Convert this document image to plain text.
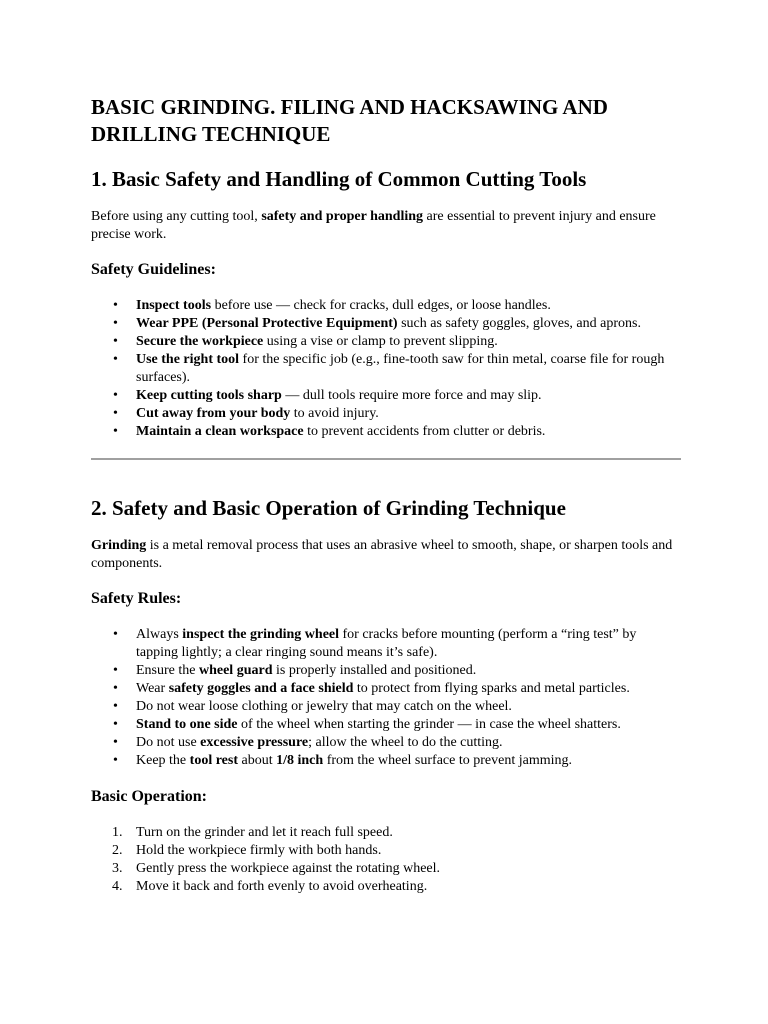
BASIC GRINDING. FILING AND HACKSAWING AND DRILLING TECHNIQUE
1. Basic Safety and Handling of Common Cutting Tools

Before using any cutting tool, safety and proper handling are essential to prevent injury and ensure precise work.

Safety Guidelines:
• Inspect tools before use — check for cracks, dull edges, or loose handles.
• Wear PPE (Personal Protective Equipment) such as safety goggles, gloves, and aprons.
• Secure the workpiece using a vise or clamp to prevent slipping.
• Use the right tool for the specific job (e.g., fine-tooth saw for thin metal, coarse file for rough surfaces).
• Keep cutting tools sharp — dull tools require more force and may slip.
• Cut away from your body to avoid injury.
• Maintain a clean workspace to prevent accidents from clutter or debris.
2. Safety and Basic Operation of Grinding Technique

Grinding is a metal removal process that uses an abrasive wheel to smooth, shape, or sharpen tools and components.

Safety Rules:
• Always inspect the grinding wheel for cracks before mounting (perform a “ring test” by tapping lightly; a clear ringing sound means it’s safe).
• Ensure the wheel guard is properly installed and positioned.
• Wear safety goggles and a face shield to protect from flying sparks and metal particles.
• Do not wear loose clothing or jewelry that may catch on the wheel.
• Stand to one side of the wheel when starting the grinder — in case the wheel shatters.
• Do not use excessive pressure; allow the wheel to do the cutting.
• Keep the tool rest about 1/8 inch from the wheel surface to prevent jamming.
Basic Operation:
1. Turn on the grinder and let it reach full speed.
2. Hold the workpiece firmly with both hands.
3. Gently press the workpiece against the rotating wheel.
4. Move it back and forth evenly to avoid overheating.
